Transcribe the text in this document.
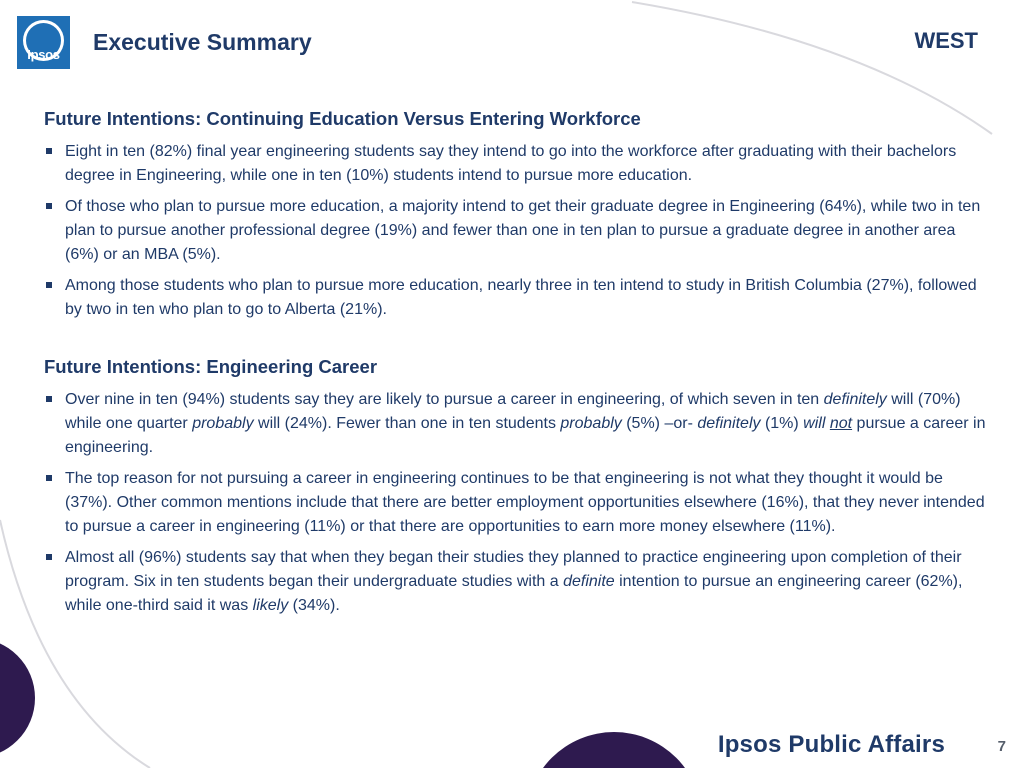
Ipsos	Executive Summary	WEST
Future Intentions: Continuing Education Versus Entering Workforce
Eight in ten (82%) final year engineering students say they intend to go into the workforce after graduating with their bachelors degree in Engineering, while one in ten (10%) students intend to pursue more education.
Of those who plan to pursue more education, a majority intend to get their graduate degree in Engineering (64%), while two in ten plan to pursue another professional degree (19%) and fewer than one in ten plan to pursue a graduate degree in another area (6%) or an MBA (5%).
Among those students who plan to pursue more education, nearly three in ten intend to study in British Columbia (27%), followed by two in ten who plan to go to Alberta (21%).
Future Intentions: Engineering Career
Over nine in ten (94%) students say they are likely to pursue a career in engineering, of which seven in ten definitely will (70%) while one quarter probably will (24%). Fewer than one in ten students probably (5%) –or- definitely (1%) will not pursue a career in engineering.
The top reason for not pursuing a career in engineering continues to be that engineering is not what they thought it would be (37%). Other common mentions include that there are better employment opportunities elsewhere (16%), that they never intended to pursue a career in engineering (11%) or that there are opportunities to earn more money elsewhere (11%).
Almost all (96%) students say that when they began their studies they planned to practice engineering upon completion of their program. Six in ten students began their undergraduate studies with a definite intention to pursue an engineering career (62%), while one-third said it was likely (34%).
Ipsos Public Affairs	7
